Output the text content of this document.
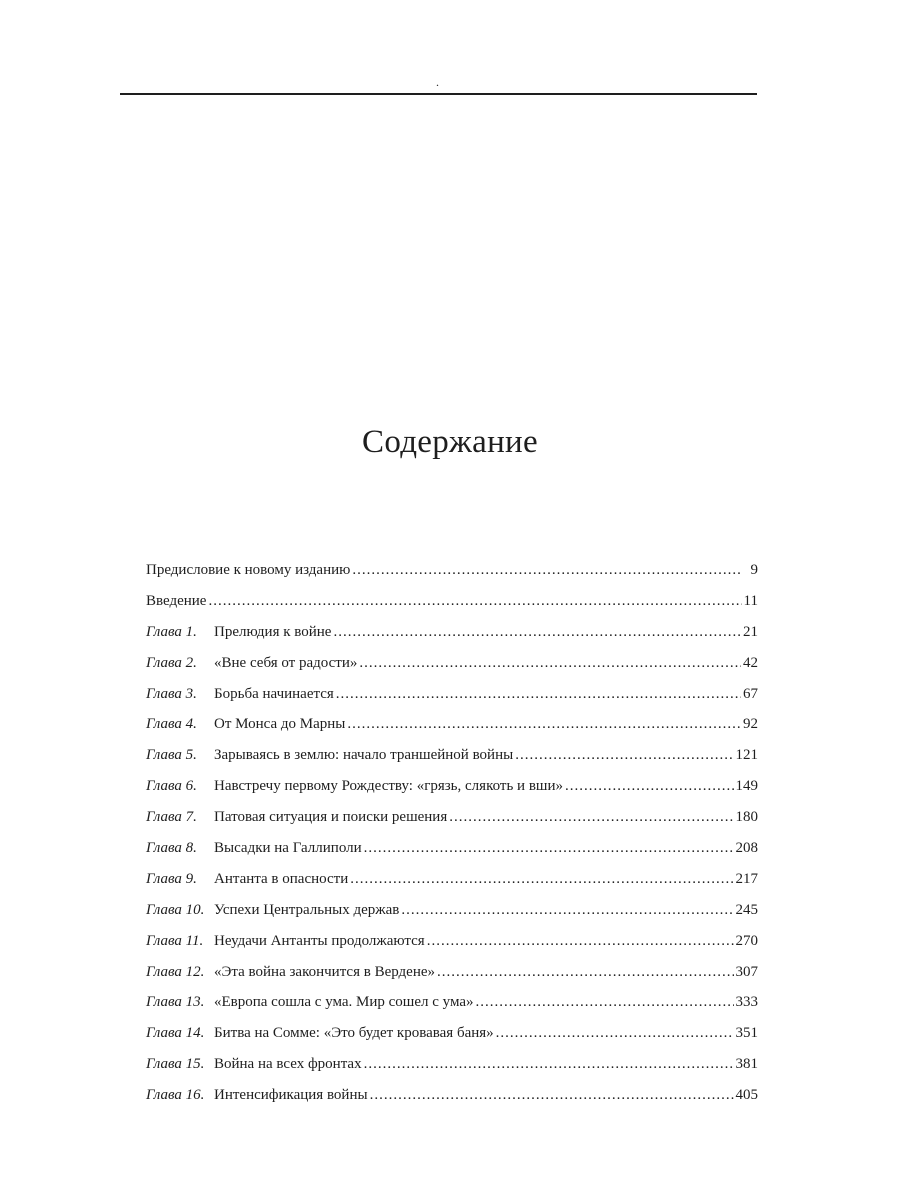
.
Содержание
Предисловие к новому изданию .....	9
Введение .....	11
Глава 1.	Прелюдия к войне .....	21
Глава 2.	«Вне себя от радости» .....	42
Глава 3.	Борьба начинается .....	67
Глава 4.	От Монса до Марны .....	92
Глава 5.	Зарываясь в землю: начало траншейной войны .....	121
Глава 6.	Навстречу первому Рождеству: «грязь, слякоть и вши» .....	149
Глава 7.	Патовая ситуация и поиски решения .....	180
Глава 8.	Высадки на Галлиполи .....	208
Глава 9.	Антанта в опасности .....	217
Глава 10. Успехи Центральных держав .....	245
Глава 11. Неудачи Антанты продолжаются .....	270
Глава 12. «Эта война закончится в Вердене» .....	307
Глава 13. «Европа сошла с ума. Мир сошел с ума» .....	333
Глава 14. Битва на Сомме: «Это будет кровавая баня» .....	351
Глава 15. Война на всех фронтах .....	381
Глава 16. Интенсификация войны .....	405
